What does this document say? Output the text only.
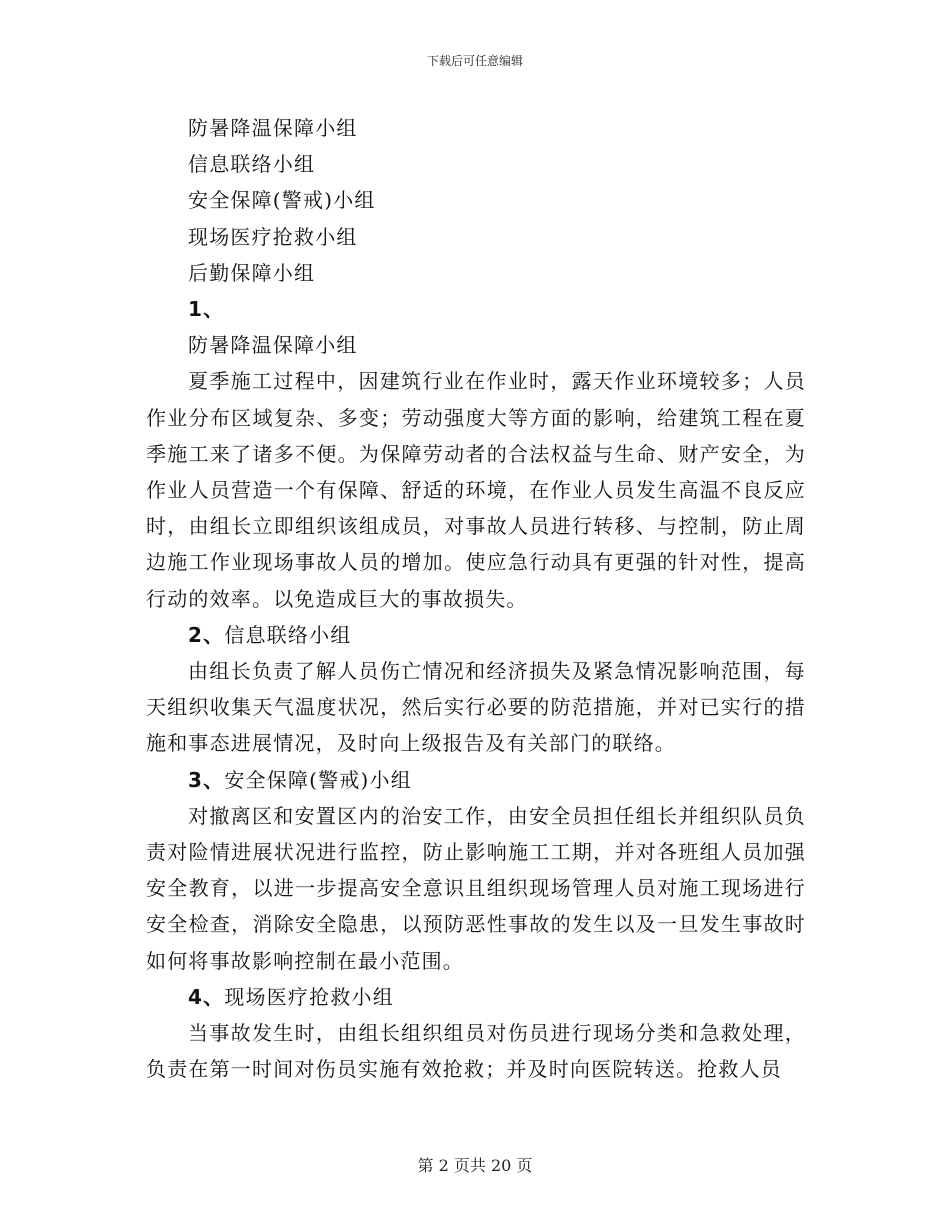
下载后可任意编辑

防暑降温保障小组

信息联络小组

安全保障(警戒)小组

现场医疗抢救小组

后勤保障小组

1、

防暑降温保障小组

夏季施工过程中，因建筑行业在作业时，露天作业环境较多；人员作业分布区域复杂、多变；劳动强度大等方面的影响，给建筑工程在夏季施工来了诸多不便。为保障劳动者的合法权益与生命、财产安全，为作业人员营造一个有保障、舒适的环境，在作业人员发生高温不良反应时，由组长立即组织该组成员，对事故人员进行转移、与控制，防止周边施工作业现场事故人员的增加。使应急行动具有更强的针对性，提高行动的效率。以免造成巨大的事故损失。

2、信息联络小组

由组长负责了解人员伤亡情况和经济损失及紧急情况影响范围，每天组织收集天气温度状况，然后实行必要的防范措施，并对已实行的措施和事态进展情况，及时向上级报告及有关部门的联络。

3、安全保障(警戒)小组

对撤离区和安置区内的治安工作，由安全员担任组长并组织队员负责对险情进展状况进行监控，防止影响施工工期，并对各班组人员加强安全教育，以进一步提高安全意识且组织现场管理人员对施工现场进行安全检查，消除安全隐患，以预防恶性事故的发生以及一旦发生事故时如何将事故影响控制在最小范围。

4、现场医疗抢救小组

当事故发生时，由组长组织组员对伤员进行现场分类和急救处理，负责在第一时间对伤员实施有效抢救；并及时向医院转送。抢救人员

第 2 页共 20 页
